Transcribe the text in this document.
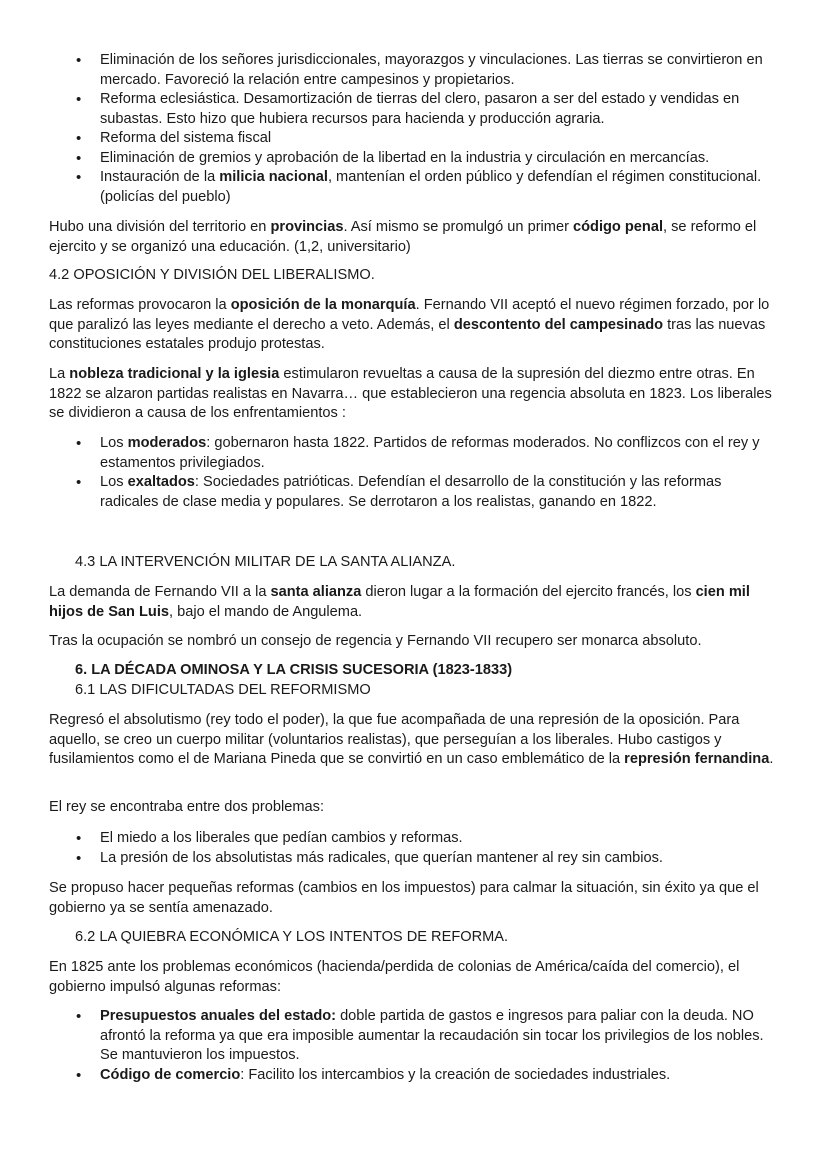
• Eliminación de los señores jurisdiccionales, mayorazgos y vinculaciones. Las tierras se convirtieron en mercado. Favoreció la relación entre campesinos y propietarios.
• Reforma eclesiástica. Desamortización de tierras del clero, pasaron a ser del estado y vendidas en subastas. Esto hizo que hubiera recursos para hacienda y producción agraria.
• Reforma del sistema fiscal
• Eliminación de gremios y aprobación de la libertad en la industria y circulación en mercancías.
• Instauración de la milicia nacional, mantenían el orden público y defendían el régimen constitucional. (policías del pueblo)

Hubo una división del territorio en provincias. Así mismo se promulgó un primer código penal, se reformo el ejercito y se organizó una educación. (1,2, universitario)

4.2 OPOSICIÓN Y DIVISIÓN DEL LIBERALISMO.

Las reformas provocaron la oposición de la monarquía. Fernando VII aceptó el nuevo régimen forzado, por lo que paralizó las leyes mediante el derecho a veto. Además, el descontento del campesinado tras las nuevas constituciones estatales produjo protestas.

La nobleza tradicional y la iglesia estimularon revueltas a causa de la supresión del diezmo entre otras. En 1822 se alzaron partidas realistas en Navarra… que establecieron una regencia absoluta en 1823. Los liberales se dividieron a causa de los enfrentamientos :

• Los moderados: gobernaron hasta 1822. Partidos de reformas moderados. No conflizcos con el rey y estamentos privilegiados.
• Los exaltados: Sociedades patrióticas. Defendían el desarrollo de la constitución y las reformas radicales de clase media y populares. Se derrotaron a los realistas, ganando en 1822.
4.3 LA INTERVENCIÓN MILITAR DE LA SANTA ALIANZA.

La demanda de Fernando VII a la santa alianza dieron lugar a la formación del ejercito francés, los cien mil hijos de San Luis, bajo el mando de Angulema.

Tras la ocupación se nombró un consejo de regencia y Fernando VII recupero ser monarca absoluto.

6. LA DÉCADA OMINOSA Y LA CRISIS SUCESORIA (1823-1833)
6.1 LAS DIFICULTADAS DEL REFORMISMO

Regresó el absolutismo (rey todo el poder), la que fue acompañada de una represión de la oposición. Para aquello, se creo un cuerpo militar (voluntarios realistas), que perseguían a los liberales. Hubo castigos y fusilamientos como el de Mariana Pineda que se convirtió en un caso emblemático de la represión fernandina.

El rey se encontraba entre dos problemas:

• El miedo a los liberales que pedían cambios y reformas.
• La presión de los absolutistas más radicales, que querían mantener al rey sin cambios.

Se propuso hacer pequeñas reformas (cambios en los impuestos) para calmar la situación, sin éxito ya que el gobierno ya se sentía amenazado.

6.2 LA QUIEBRA ECONÓMICA Y LOS INTENTOS DE REFORMA.

En 1825 ante los problemas económicos (hacienda/perdida de colonias de América/caída del comercio), el gobierno impulsó algunas reformas:

• Presupuestos anuales del estado: doble partida de gastos e ingresos para paliar con la deuda. NO afrontó la reforma ya que era imposible aumentar la recaudación sin tocar los privilegios de los nobles. Se mantuvieron los impuestos.
• Código de comercio: Facilito los intercambios y la creación de sociedades industriales.
